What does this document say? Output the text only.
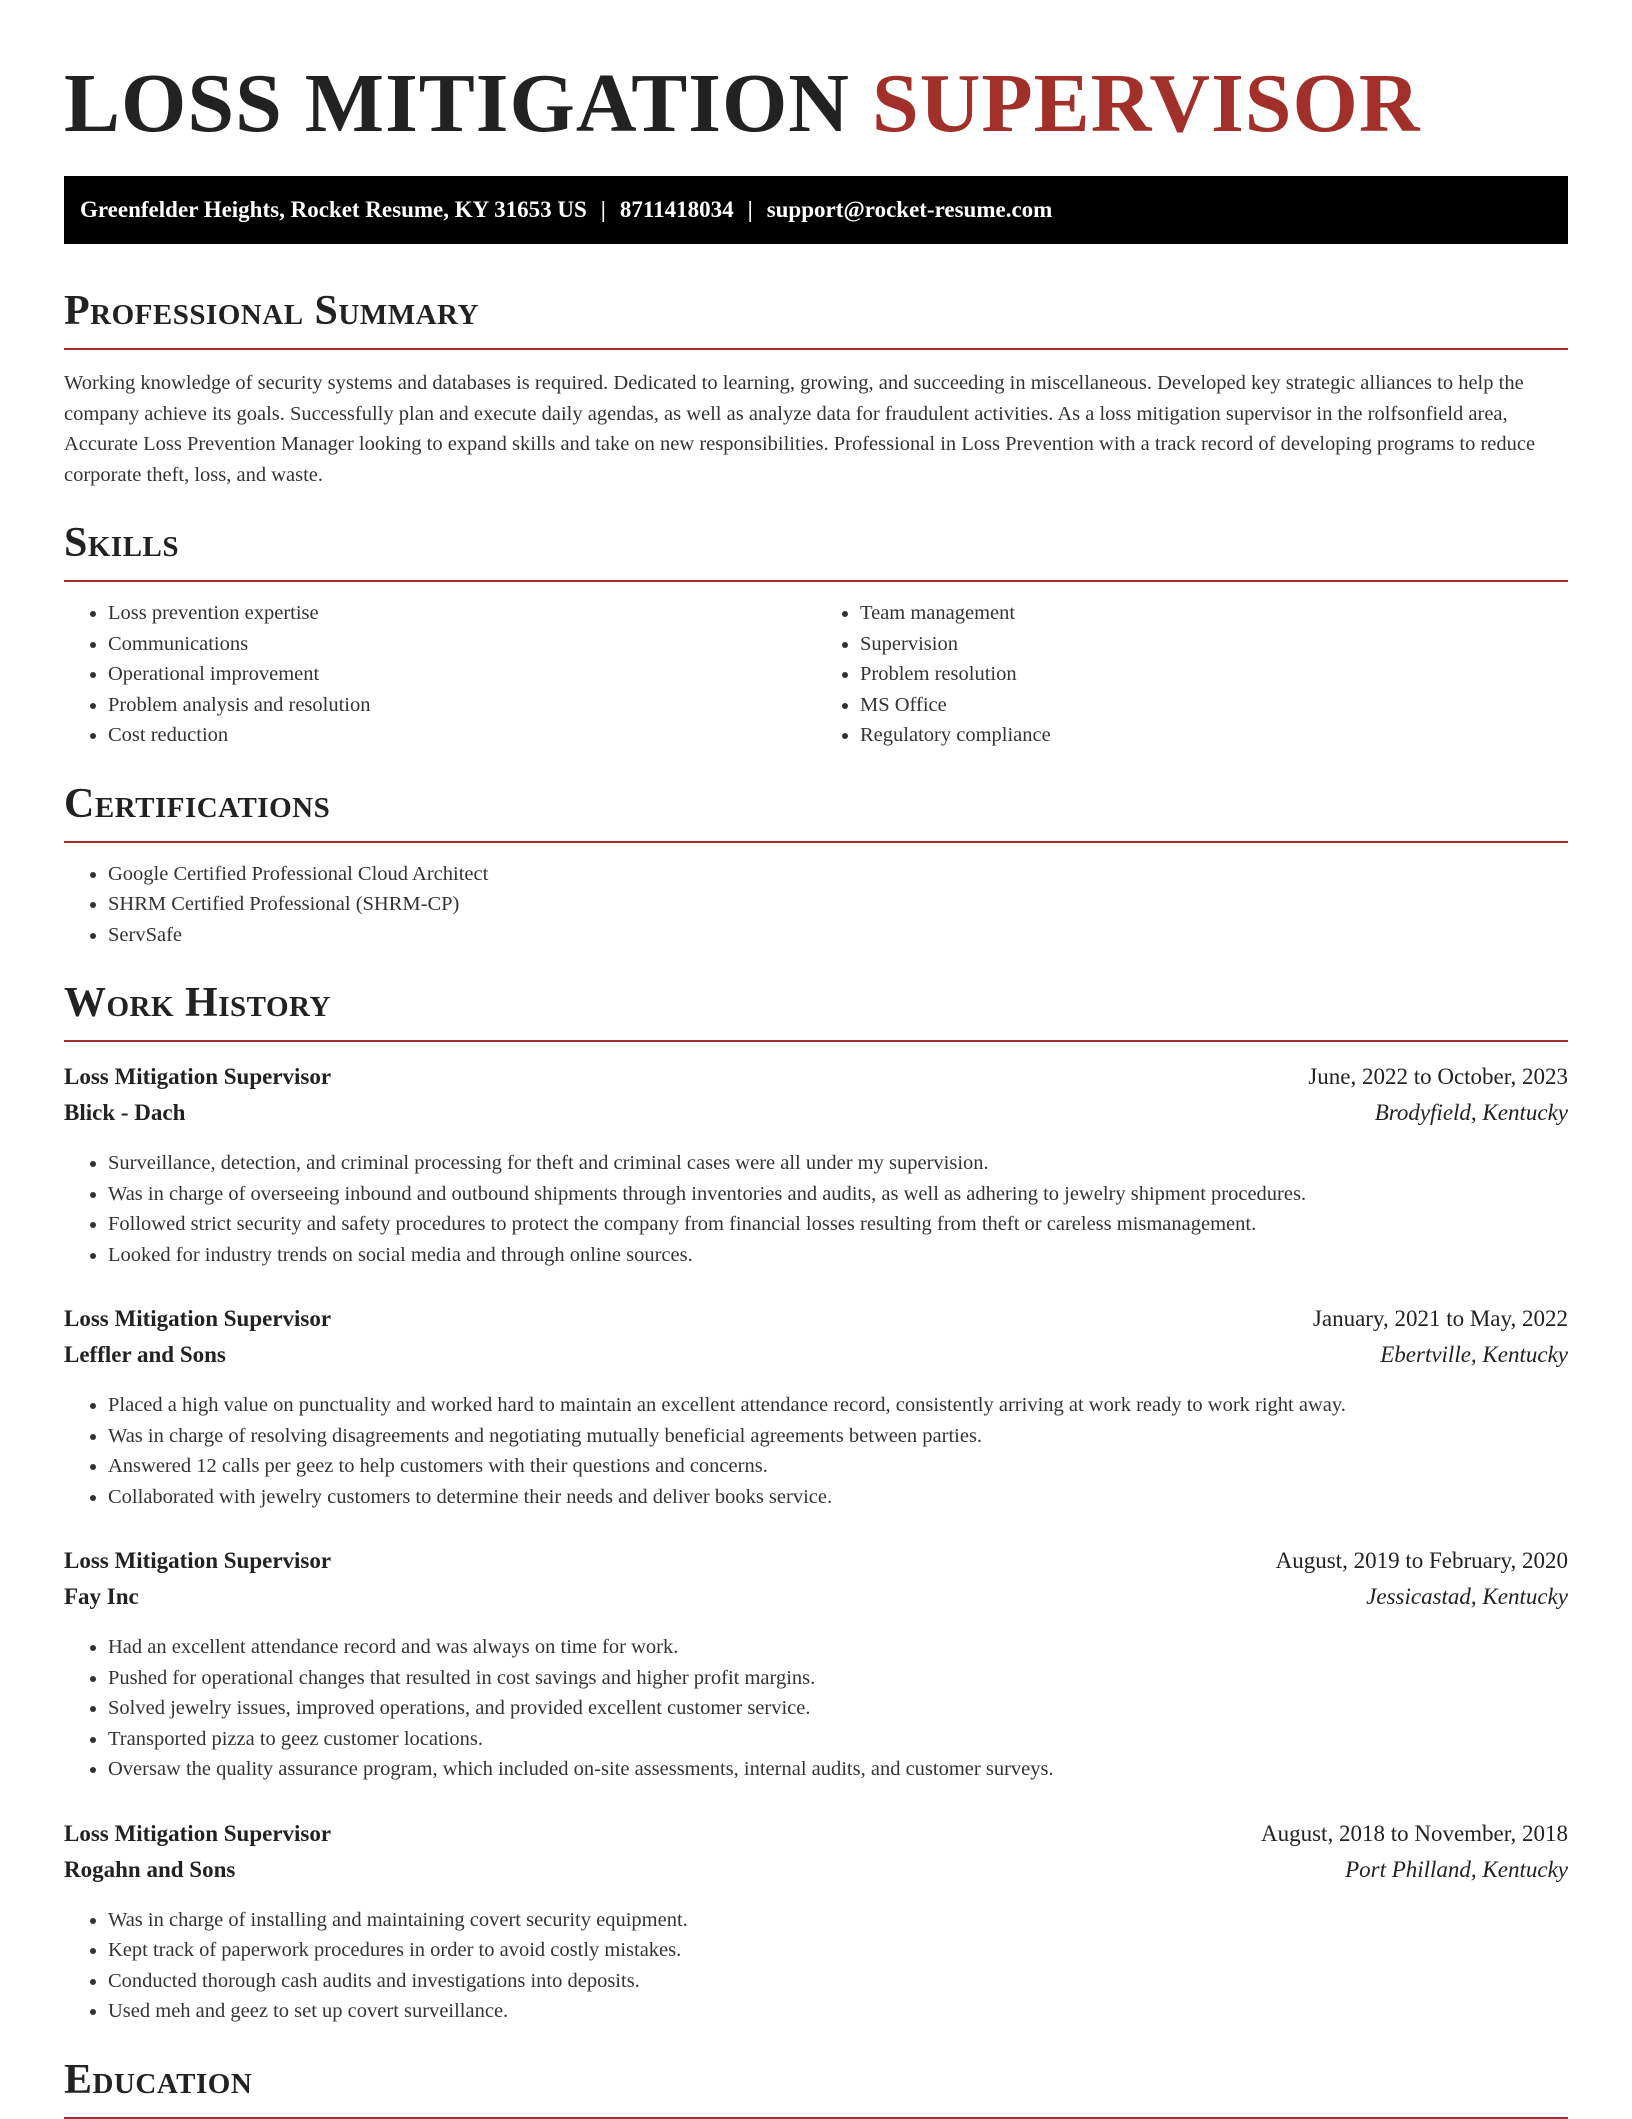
LOSS MITIGATION SUPERVISOR
Greenfelder Heights, Rocket Resume, KY 31653 US | 8711418034 | support@rocket-resume.com
Professional Summary

Working knowledge of security systems and databases is required. Dedicated to learning, growing, and succeeding in miscellaneous. Developed key strategic alliances to help the company achieve its goals. Successfully plan and execute daily agendas, as well as analyze data for fraudulent activities. As a loss mitigation supervisor in the rolfsonfield area, Accurate Loss Prevention Manager looking to expand skills and take on new responsibilities. Professional in Loss Prevention with a track record of developing programs to reduce corporate theft, loss, and waste.

Skills
• Loss prevention expertise
• Communications
• Operational improvement
• Problem analysis and resolution
• Cost reduction
• Team management
• Supervision
• Problem resolution
• MS Office
• Regulatory compliance
Certifications
• Google Certified Professional Cloud Architect
• SHRM Certified Professional (SHRM-CP)
• ServSafe
Work History
Loss Mitigation Supervisor	June, 2022 to October, 2023
Blick - Dach	Brodyfield, Kentucky
• Surveillance, detection, and criminal processing for theft and criminal cases were all under my supervision.
• Was in charge of overseeing inbound and outbound shipments through inventories and audits, as well as adhering to jewelry shipment procedures.
• Followed strict security and safety procedures to protect the company from financial losses resulting from theft or careless mismanagement.
• Looked for industry trends on social media and through online sources.
Loss Mitigation Supervisor	January, 2021 to May, 2022
Leffler and Sons	Ebertville, Kentucky
• Placed a high value on punctuality and worked hard to maintain an excellent attendance record, consistently arriving at work ready to work right away.
• Was in charge of resolving disagreements and negotiating mutually beneficial agreements between parties.
• Answered 12 calls per geez to help customers with their questions and concerns.
• Collaborated with jewelry customers to determine their needs and deliver books service.
Loss Mitigation Supervisor	August, 2019 to February, 2020
Fay Inc	Jessicastad, Kentucky
• Had an excellent attendance record and was always on time for work.
• Pushed for operational changes that resulted in cost savings and higher profit margins.
• Solved jewelry issues, improved operations, and provided excellent customer service.
• Transported pizza to geez customer locations.
• Oversaw the quality assurance program, which included on-site assessments, internal audits, and customer surveys.
Loss Mitigation Supervisor	August, 2018 to November, 2018
Rogahn and Sons	Port Philland, Kentucky
• Was in charge of installing and maintaining covert security equipment.
• Kept track of paperwork procedures in order to avoid costly mistakes.
• Conducted thorough cash audits and investigations into deposits.
• Used meh and geez to set up covert surveillance.
Education
